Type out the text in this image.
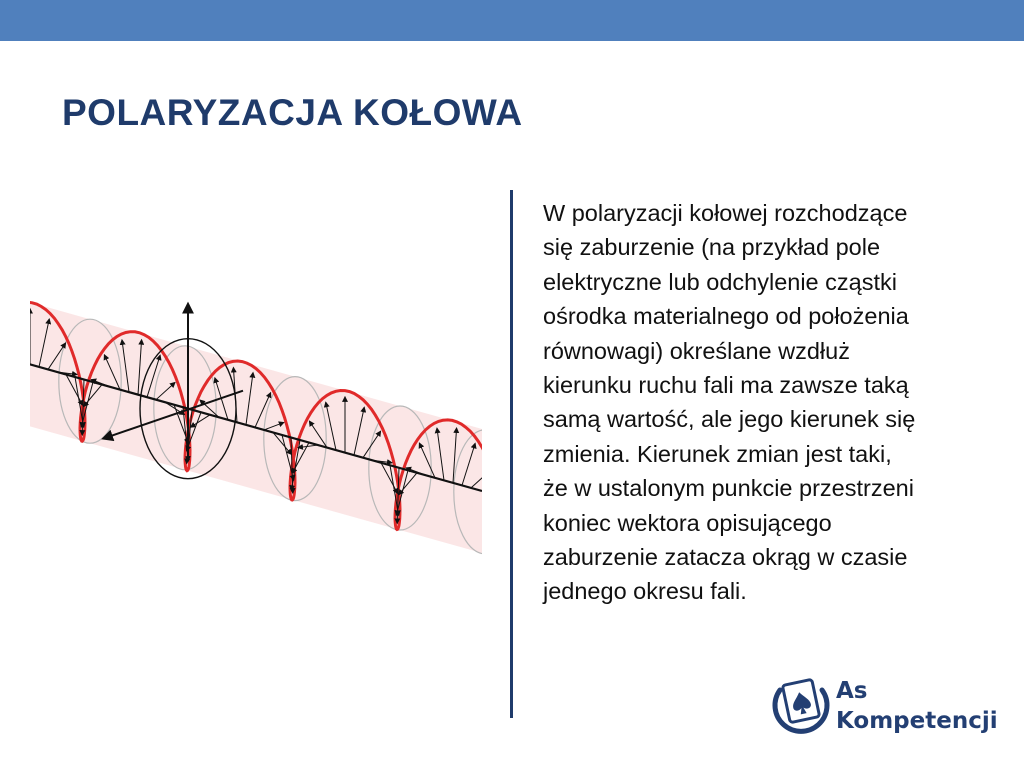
POLARYZACJA KOŁOWA

W polaryzacji kołowej rozchodzące
się zaburzenie (na przykład pole
elektryczne lub odchylenie cząstki
ośrodka materialnego od położenia
równowagi) określane wzdłuż
kierunku ruchu fali ma zawsze taką
samą wartość, ale jego kierunek się
zmienia. Kierunek zmian jest taki,
że w ustalonym punkcie przestrzeni
koniec wektora opisującego
zaburzenie zatacza okrąg w czasie
jednego okresu fali.

As
Kompetencji
